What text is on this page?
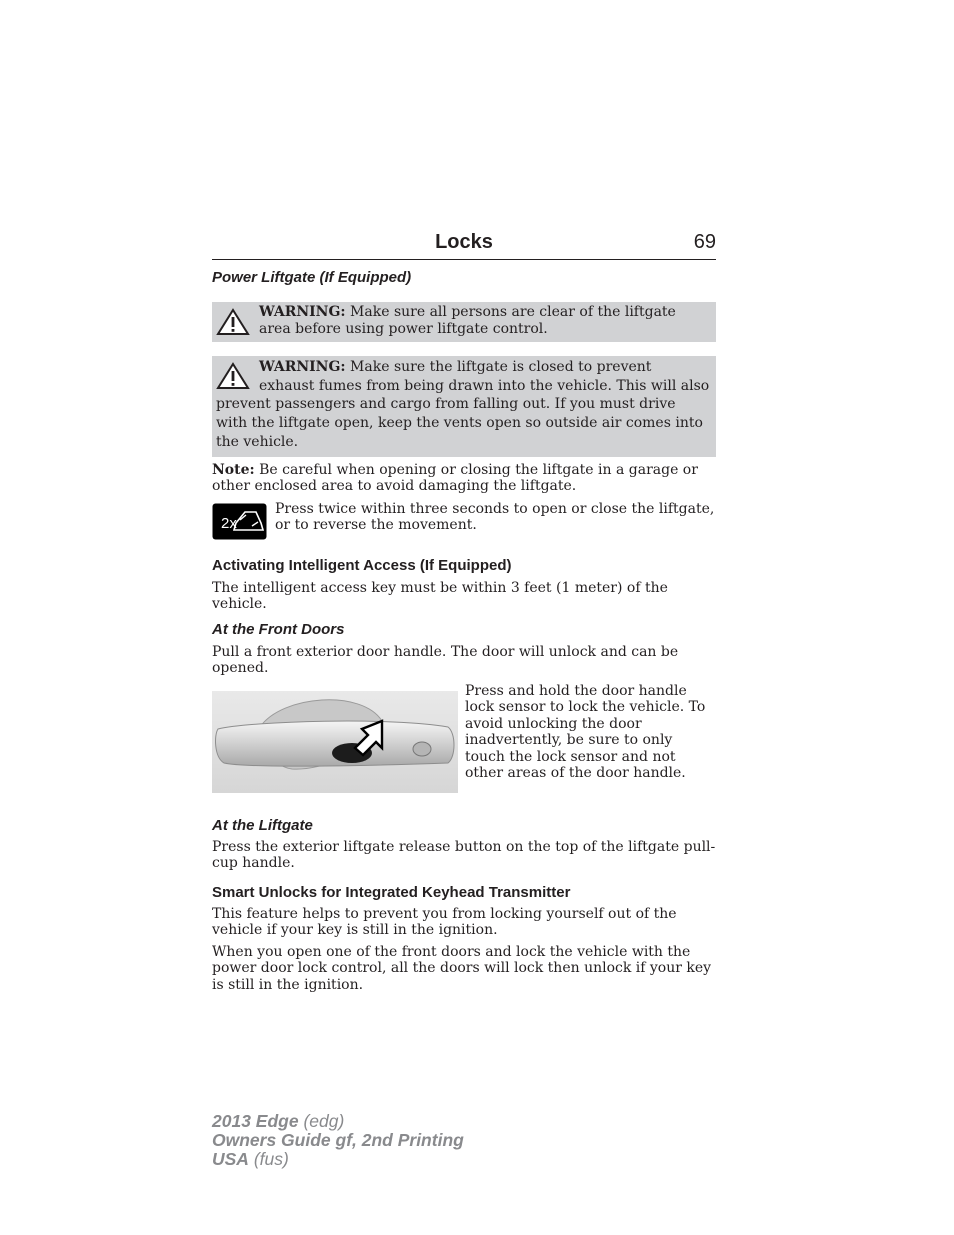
Locks	69
Power Liftgate (If Equipped)

WARNING: Make sure all persons are clear of the liftgate area before using power liftgate control.

WARNING: Make sure the liftgate is closed to prevent exhaust fumes from being drawn into the vehicle. This will also prevent passengers and cargo from falling out. If you must drive with the liftgate open, keep the vents open so outside air comes into the vehicle.

Note: Be careful when opening or closing the liftgate in a garage or other enclosed area to avoid damaging the liftgate.

2x

Press twice within three seconds to open or close the liftgate, or to reverse the movement.

Activating Intelligent Access (If Equipped)

The intelligent access key must be within 3 feet (1 meter) of the vehicle.

At the Front Doors

Pull a front exterior door handle. The door will unlock and can be opened.

Press and hold the door handle lock sensor to lock the vehicle. To avoid unlocking the door inadvertently, be sure to only touch the lock sensor and not other areas of the door handle.

At the Liftgate

Press the exterior liftgate release button on the top of the liftgate pull-cup handle.

Smart Unlocks for Integrated Keyhead Transmitter

This feature helps to prevent you from locking yourself out of the vehicle if your key is still in the ignition.

When you open one of the front doors and lock the vehicle with the power door lock control, all the doors will lock then unlock if your key is still in the ignition.

2013 Edge (edg)
Owners Guide gf, 2nd Printing
USA (fus)
